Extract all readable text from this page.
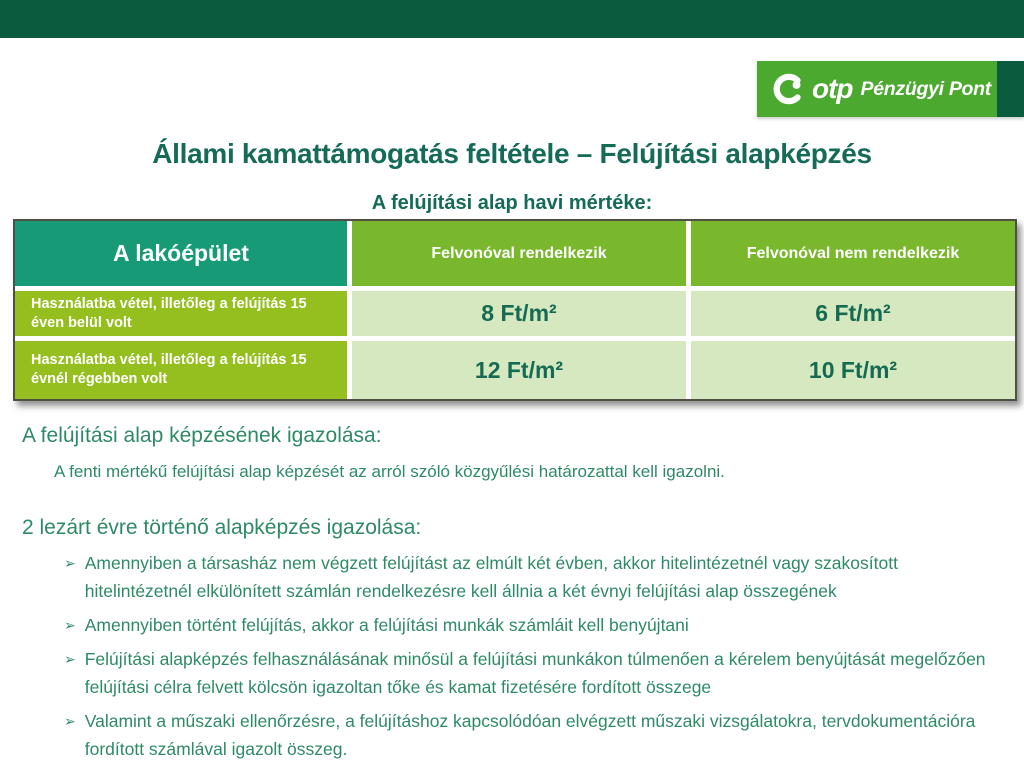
otp Pénzügyi Pont
Állami kamattámogatás feltétele – Felújítási alapképzés
A felújítási alap havi mértéke:
A lakóépület	Felvonóval rendelkezik	Felvonóval nem rendelkezik
Használatba vétel, illetőleg a felújítás 15 éven belül volt	8 Ft/m²	6 Ft/m²
Használatba vétel, illetőleg a felújítás 15 évnél régebben volt	12 Ft/m²	10 Ft/m²

A felújítási alap képzésének igazolása:

A fenti mértékű felújítási alap képzését az arról szóló közgyűlési határozattal kell igazolni.

2 lezárt évre történő alapképzés igazolása:

➢ Amennyiben a társasház nem végzett felújítást az elmúlt két évben, akkor hitelintézetnél vagy szakosított hitelintézetnél elkülönített számlán rendelkezésre kell állnia a két évnyi felújítási alap összegének
➢ Amennyiben történt felújítás, akkor a felújítási munkák számláit kell benyújtani
➢ Felújítási alapképzés felhasználásának minősül a felújítási munkákon túlmenően a kérelem benyújtását megelőzően felújítási célra felvett kölcsön igazoltan tőke és kamat fizetésére fordított összege
➢ Valamint a műszaki ellenőrzésre, a felújításhoz kapcsolódóan elvégzett műszaki vizsgálatokra, tervdokumentációra fordított számlával igazolt összeg.
